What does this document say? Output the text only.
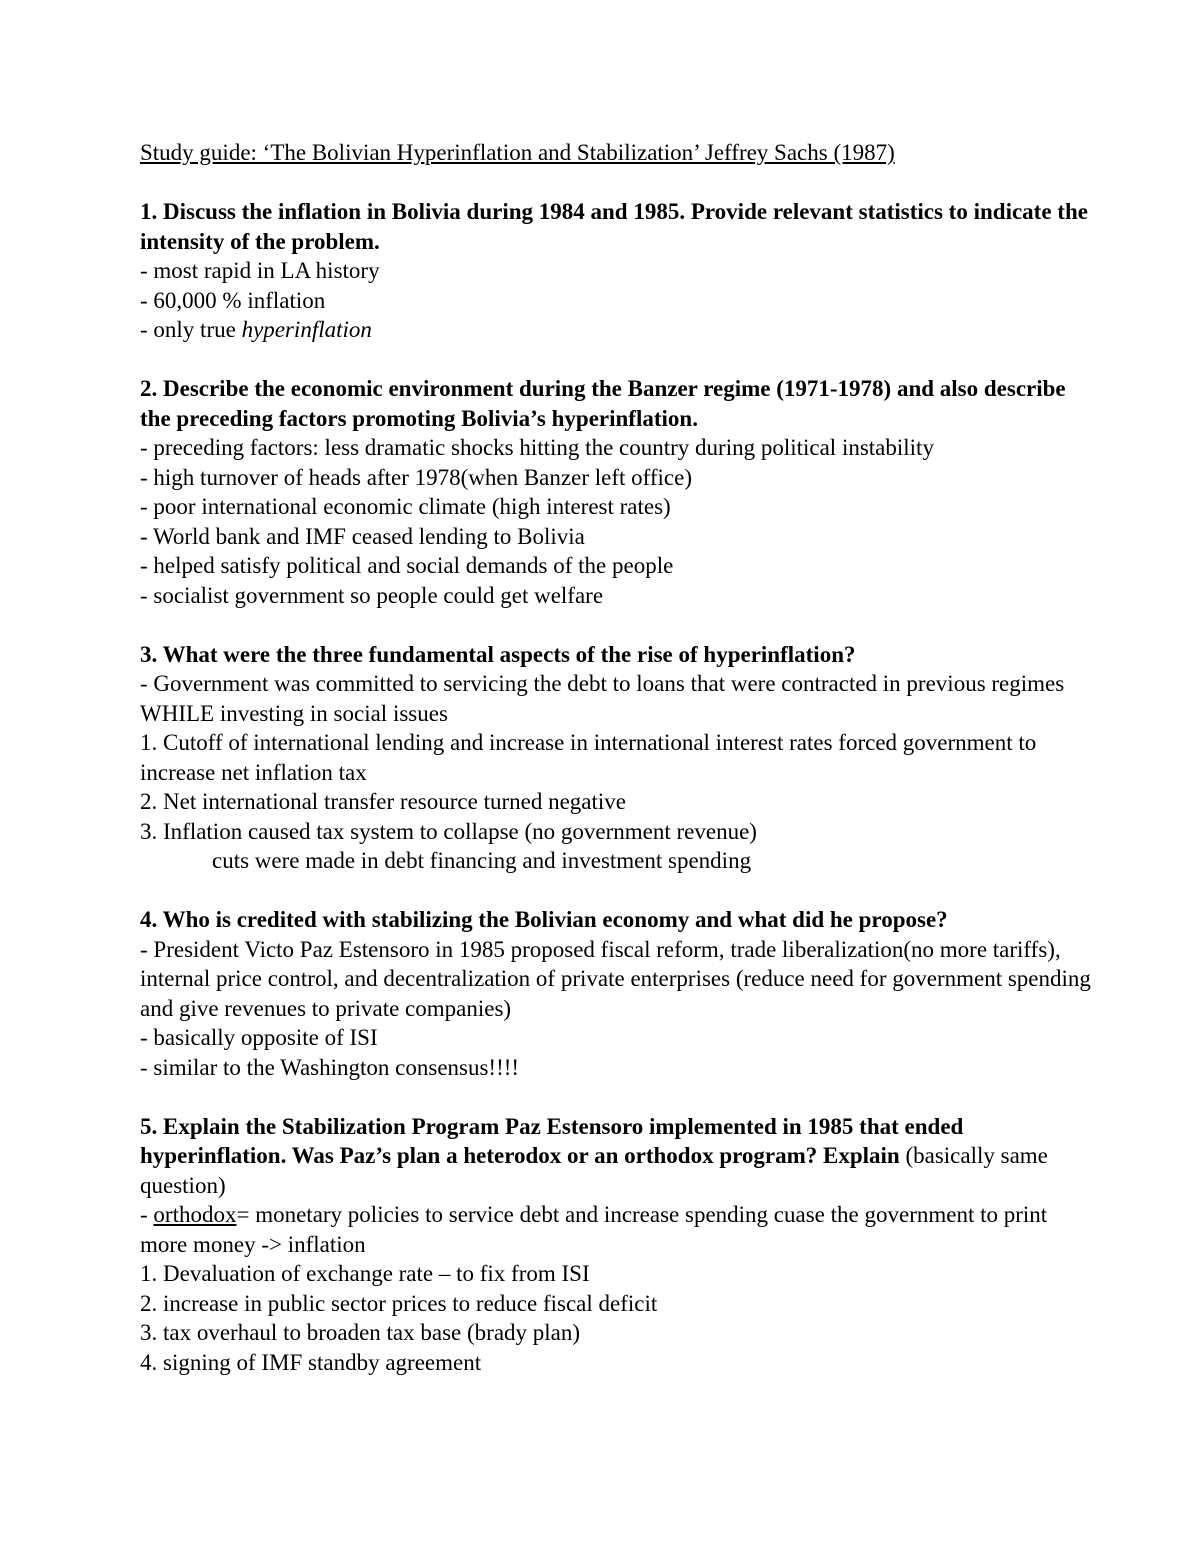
Study guide: ‘The Bolivian Hyperinflation and Stabilization’ Jeffrey Sachs (1987)

1. Discuss the inflation in Bolivia during 1984 and 1985. Provide relevant statistics to indicate the intensity of the problem.

- most rapid in LA history

- 60,000 % inflation

- only true hyperinflation

2. Describe the economic environment during the Banzer regime (1971-1978) and also describe the preceding factors promoting Bolivia’s hyperinflation.

- preceding factors: less dramatic shocks hitting the country during political instability

- high turnover of heads after 1978(when Banzer left office)

- poor international economic climate (high interest rates)

- World bank and IMF ceased lending to Bolivia

- helped satisfy political and social demands of the people

- socialist government so people could get welfare

3. What were the three fundamental aspects of the rise of hyperinflation?

- Government was committed to servicing the debt to loans that were contracted in previous regimes WHILE investing in social issues

1. Cutoff of international lending and increase in international interest rates forced government to increase net inflation tax

2. Net international transfer resource turned negative

3. Inflation caused tax system to collapse (no government revenue)

cuts were made in debt financing and investment spending

4. Who is credited with stabilizing the Bolivian economy and what did he propose?

- President Victo Paz Estensoro in 1985 proposed fiscal reform, trade liberalization(no more tariffs), internal price control, and decentralization of private enterprises (reduce need for government spending and give revenues to private companies)

- basically opposite of ISI

- similar to the Washington consensus!!!!

5. Explain the Stabilization Program Paz Estensoro implemented in 1985 that ended hyperinflation. Was Paz’s plan a heterodox or an orthodox program? Explain (basically same question)

- orthodox= monetary policies to service debt and increase spending cuase the government to print more money -> inflation

1. Devaluation of exchange rate – to fix from ISI

2. increase in public sector prices to reduce fiscal deficit

3. tax overhaul to broaden tax base (brady plan)

4. signing of IMF standby agreement
